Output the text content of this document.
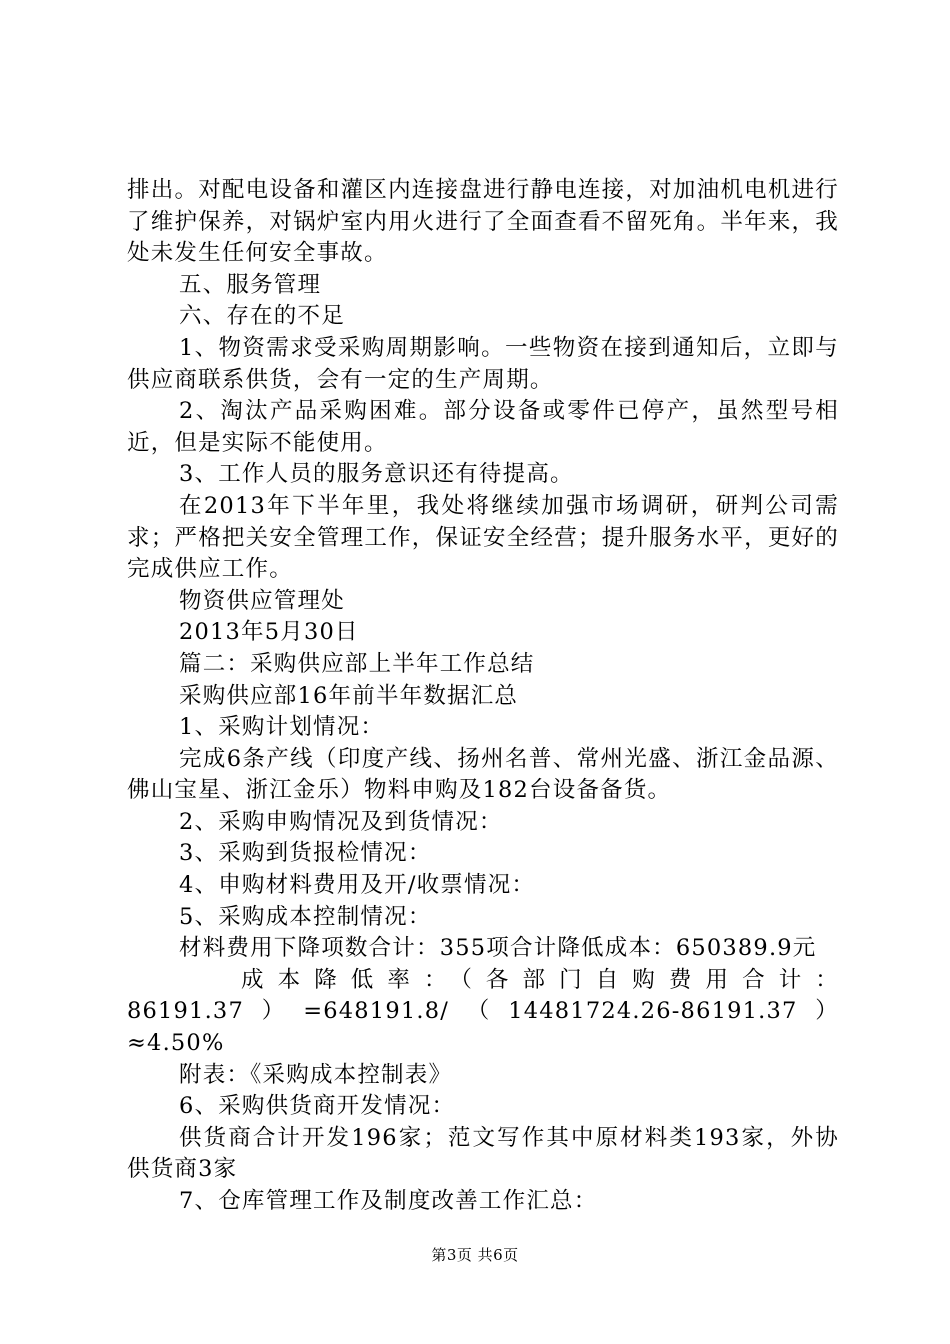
排出。对配电设备和灌区内连接盘进行静电连接，对加油机电机进行了维护保养，对锅炉室内用火进行了全面查看不留死角。半年来，我处未发生任何安全事故。

五、服务管理

六、存在的不足

1、物资需求受采购周期影响。一些物资在接到通知后，立即与供应商联系供货，会有一定的生产周期。

2、淘汰产品采购困难。部分设备或零件已停产，虽然型号相近，但是实际不能使用。

3、工作人员的服务意识还有待提高。

在2013年下半年里，我处将继续加强市场调研，研判公司需求；严格把关安全管理工作，保证安全经营；提升服务水平，更好的完成供应工作。

物资供应管理处

2013年5月30日

篇二：采购供应部上半年工作总结

采购供应部16年前半年数据汇总

1、采购计划情况：

完成6条产线（印度产线、扬州名普、常州光盛、浙江金品源、佛山宝星、浙江金乐）物料申购及182台设备备货。

2、采购申购情况及到货情况：

3、采购到货报检情况：

4、申购材料费用及开/收票情况：

5、采购成本控制情况：

材料费用下降项数合计：355项合计降低成本：650389.9元

成本降低率：（各部门自购费用合计：

86191.37）=648191.8/（14481724.26-86191.37）≈4.50%

附表：《采购成本控制表》

6、采购供货商开发情况：

供货商合计开发196家；范文写作其中原材料类193家，外协供货商3家

7、仓库管理工作及制度改善工作汇总：

第3页 共6页
